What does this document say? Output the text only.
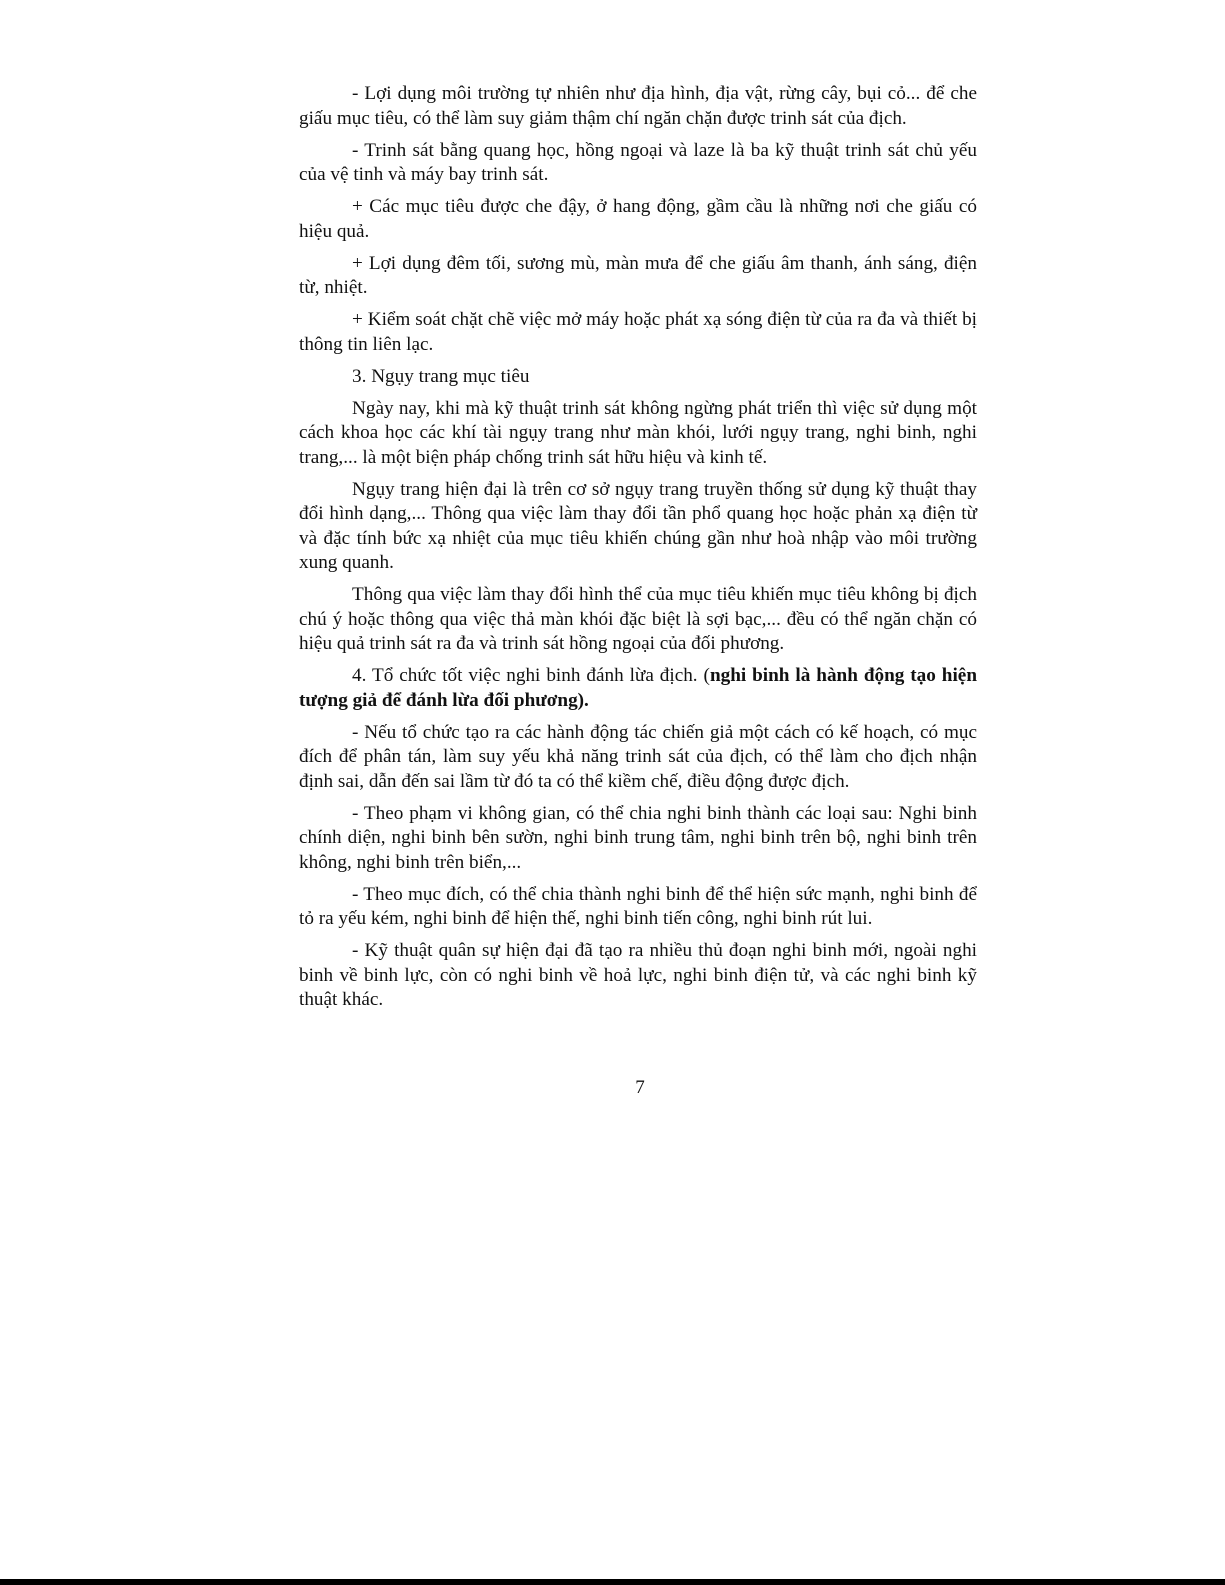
- Lợi dụng môi trường tự nhiên như địa hình, địa vật, rừng cây, bụi cỏ... để che giấu mục tiêu, có thể làm suy giảm thậm chí ngăn chặn được trinh sát của địch.

- Trinh sát bằng quang học, hồng ngoại và laze là ba kỹ thuật trinh sát chủ yếu của vệ tinh và máy bay trinh sát.

+ Các mục tiêu được che đậy, ở hang động, gầm cầu là những nơi che giấu có hiệu quả.

+ Lợi dụng đêm tối, sương mù, màn mưa để che giấu âm thanh, ánh sáng, điện từ, nhiệt.

+ Kiểm soát chặt chẽ việc mở máy hoặc phát xạ sóng điện từ của ra đa và thiết bị thông tin liên lạc.

3. Ngụy trang mục tiêu

Ngày nay, khi mà kỹ thuật trinh sát không ngừng phát triển thì việc sử dụng một cách khoa học các khí tài ngụy trang như màn khói, lưới ngụy trang, nghi binh, nghi trang,... là một biện pháp chống trinh sát hữu hiệu và kinh tế.

Ngụy trang hiện đại là trên cơ sở ngụy trang truyền thống sử dụng kỹ thuật thay đổi hình dạng,... Thông qua việc làm thay đổi tần phổ quang học hoặc phản xạ điện từ và đặc tính bức xạ nhiệt của mục tiêu khiến chúng gần như hoà nhập vào môi trường xung quanh.

Thông qua việc làm thay đổi hình thể của mục tiêu khiến mục tiêu không bị địch chú ý hoặc thông qua việc thả màn khói đặc biệt là sợi bạc,... đều có thể ngăn chặn có hiệu quả trinh sát ra đa và trinh sát hồng ngoại của đối phương.

4. Tổ chức tốt việc nghi binh đánh lừa địch. (nghi binh là hành động tạo hiện tượng giả để đánh lừa đối phương).

- Nếu tổ chức tạo ra các hành động tác chiến giả một cách có kế hoạch, có mục đích để phân tán, làm suy yếu khả năng trinh sát của địch, có thể làm cho địch nhận định sai, dẫn đến sai lầm từ đó ta có thể kiềm chế, điều động được địch.

- Theo phạm vi không gian, có thể chia nghi binh thành các loại sau: Nghi binh chính diện, nghi binh bên sườn, nghi binh trung tâm, nghi binh trên bộ, nghi binh trên không, nghi binh trên biển,...

- Theo mục đích, có thể chia thành nghi binh để thể hiện sức mạnh, nghi binh để tỏ ra yếu kém, nghi binh để hiện thế, nghi binh tiến công, nghi binh rút lui.

- Kỹ thuật quân sự hiện đại đã tạo ra nhiều thủ đoạn nghi binh mới, ngoài nghi binh về binh lực, còn có nghi binh về hoả lực, nghi binh điện tử, và các nghi binh kỹ thuật khác.

7
